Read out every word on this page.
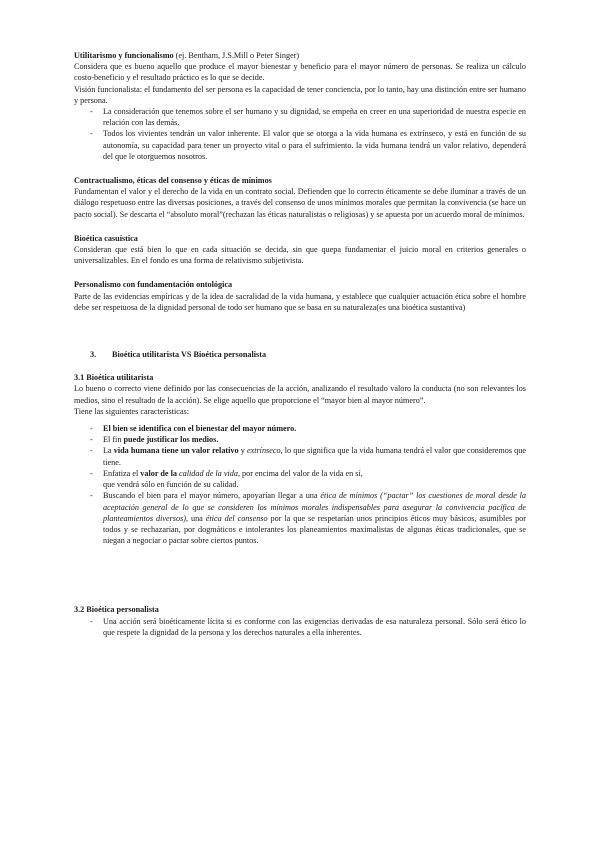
Utilitarismo y funcionalismo (ej. Bentham, J.S.Mill o Peter Singer)

Considera que es bueno aquello que produce el mayor bienestar y beneficio para el mayor número de personas. Se realiza un cálculo costo-beneficio y el resultado práctico es lo que se decide.

Visión funcionalista: el fundamento del ser persona es la capacidad de tener conciencia, por lo tanto, hay una distinción entre ser humano y persona.

- La consideración que tenemos sobre el ser humano y su dignidad, se empeña en creer en una superioridad de nuestra especie en relación con las demás.
- Todos los vivientes tendrán un valor inherente. El valor que se otorga a la vida humana es extrínseco, y está en función de su autonomía, su capacidad para tener un proyecto vital o para el sufrimiento. la vida humana tendrá un valor relativo, dependerá del que le otorguemos nosotros.

Contractualismo, éticas del consenso y éticas de mínimos

Fundamentan el valor y el derecho de la vida en un contrato social. Defienden que lo correcto éticamente se debe iluminar a través de un diálogo respetuoso entre las diversas posiciones, a través del consenso de unos mínimos morales que permitan la convivencia (se hace un pacto social). Se descarta el “absoluto moral”(rechazan las éticas naturalistas o religiosas) y se apuesta por un acuerdo moral de mínimos.

Bioética casuística

Consideran que está bien lo que en cada situación se decida, sin que quepa fundamentar el juicio moral en criterios generales o universalizables. En el fondo es una forma de relativismo subjetivista.

Personalismo con fundamentación ontológica

Parte de las evidencias empíricas y de la idea de sacralidad de la vida humana, y establece que cualquier actuación ética sobre el hombre debe ser respetuosa de la dignidad personal de todo ser humano que se basa en su naturaleza(es una bioética sustantiva)

3. Bioética utilitarista VS Bioética personalista

3.1 Bioética utilitarista

Lo bueno o correcto viene definido por las consecuencias de la acción, analizando el resultado valoro la conducta (no son relevantes los medios, sino el resultado de la acción). Se elige aquello que proporcione el “mayor bien al mayor número”.

Tiene las siguientes características:

- El bien se identifica con el bienestar del mayor número.
- El fin puede justificar los medios.
- La vida humana tiene un valor relativo y extrínseco, lo que significa que la vida humana tendrá el valor que consideremos que tiene.
- Enfatiza el valor de la calidad de la vida, por encima del valor de la vida en sí,
que vendrá sólo en función de su calidad.
- Buscando el bien para el mayor número, apoyarían llegar a una ética de mínimos (“pactar” los cuestiones de moral desde la aceptación general de lo que se consideren los mínimos morales indispensables para asegurar la convivencia pacífica de planteamientos diversos), una ética del consenso por la que se respetarían unos principios éticos muy básicos, asumibles por todos y se rechazarían, por dogmáticos e intolerantes los planeamientos maximalistas de algunas éticas tradicionales, que se niegan a negociar o pactar sobre ciertos puntos.

3.2 Bioética personalista

- Una acción será bioéticamente lícita si es conforme con las exigencias derivadas de esa naturaleza personal. Sólo será ético lo que respete la dignidad de la persona y los derechos naturales a ella inherentes.
